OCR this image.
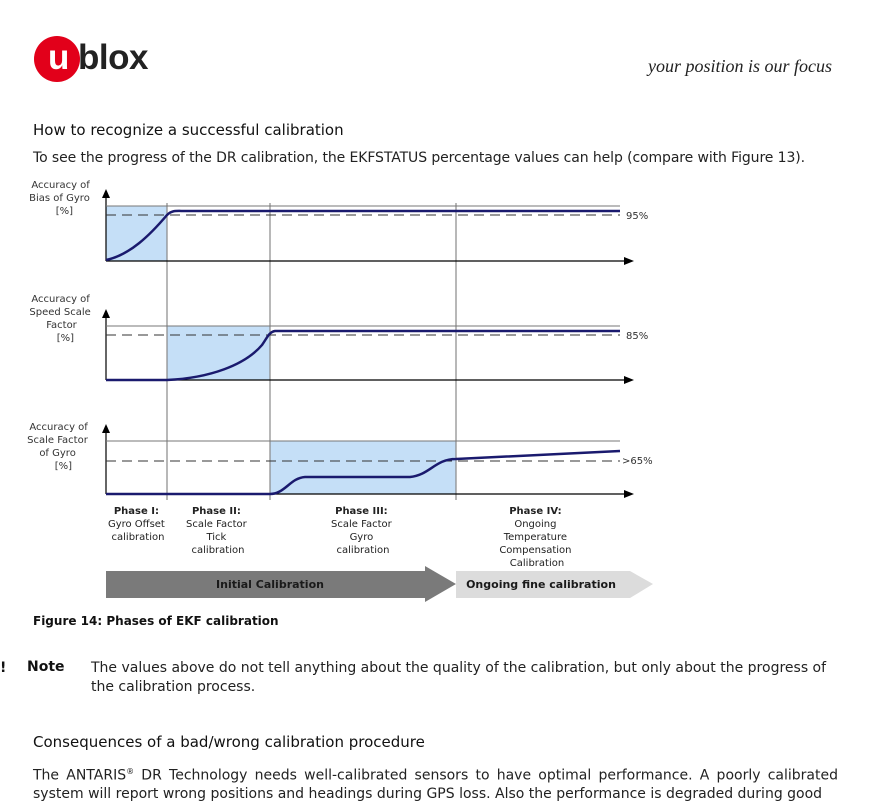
u blox	your position is our focus
How to recognize a successful calibration
To see the progress of the DR calibration, the EKFSTATUS percentage values can help (compare with Figure 13).
Accuracy of Bias of Gyro [%]
Accuracy of Speed Scale Factor [%]
Accuracy of Scale Factor of Gyro [%]
95%
85%
>65%
Phase I: Gyro Offset calibration
Phase II: Scale Factor Tick calibration
Phase III: Scale Factor Gyro calibration
Phase IV: Ongoing Temperature Compensation Calibration
Initial Calibration	Ongoing fine calibration
Figure 14: Phases of EKF calibration
! Note The values above do not tell anything about the quality of the calibration, but only about the progress of the calibration process.
Consequences of a bad/wrong calibration procedure
The ANTARIS® DR Technology needs well-calibrated sensors to have optimal performance. A poorly calibrated system will report wrong positions and headings during GPS loss. Also the performance is degraded during good
